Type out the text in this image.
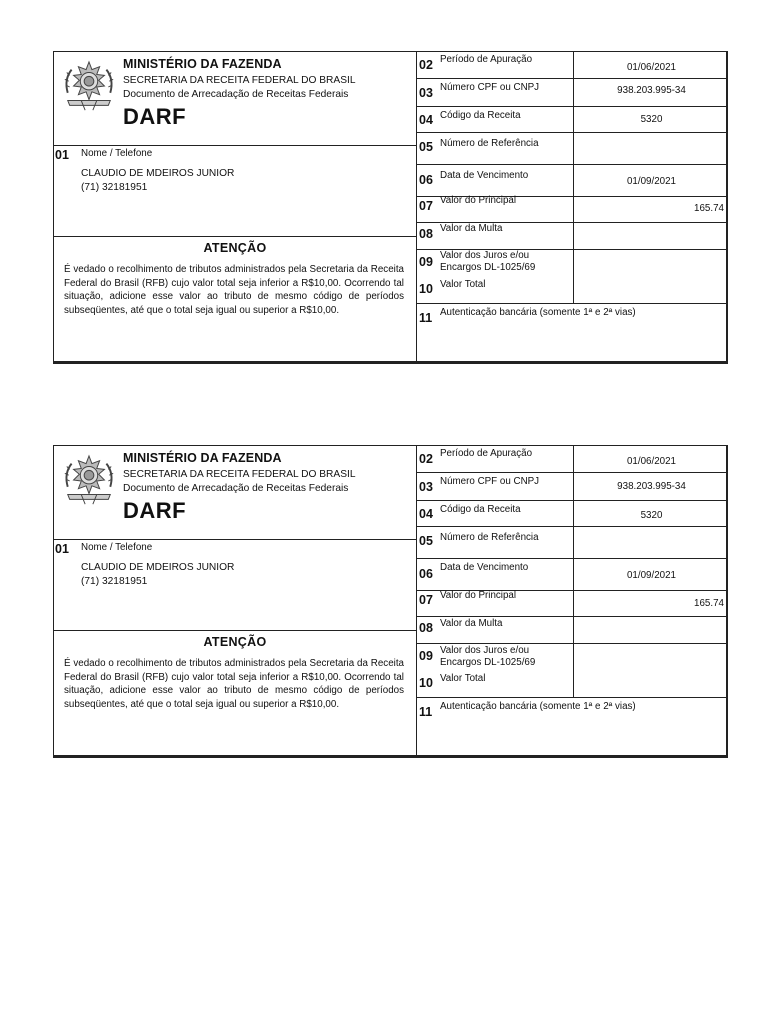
MINISTÉRIO DA FAZENDA
SECRETARIA DA RECEITA FEDERAL DO BRASIL
Documento de Arrecadação de Receitas Federais
DARF
01 Nome / Telefone
CLAUDIO DE MDEIROS JUNIOR
(71) 32181951
ATENÇÃO
É vedado o recolhimento de tributos administrados pela Secretaria da Receita Federal do Brasil (RFB) cujo valor total seja inferior a R$10,00. Ocorrendo tal situação, adicione esse valor ao tributo de mesmo código de períodos subseqüentes, até que o total seja igual ou superior a R$10,00.
02 Período de Apuração
01/06/2021
03 Número CPF ou CNPJ	938.203.995-34
04 Código da Receita	5320
05 Número de Referência
06 Data de Vencimento
01/09/2021
07 Valor do Principal
165.74
08 Valor da Multa
09 Valor dos Juros e/ou
Encargos DL-1025/69
10 Valor Total
11 Autenticação bancária (somente 1ª e 2ª vias)
MINISTÉRIO DA FAZENDA
SECRETARIA DA RECEITA FEDERAL DO BRASIL
Documento de Arrecadação de Receitas Federais
DARF
01 Nome / Telefone
CLAUDIO DE MDEIROS JUNIOR
(71) 32181951
ATENÇÃO
É vedado o recolhimento de tributos administrados pela Secretaria da Receita Federal do Brasil (RFB) cujo valor total seja inferior a R$10,00. Ocorrendo tal situação, adicione esse valor ao tributo de mesmo código de períodos subseqüentes, até que o total seja igual ou superior a R$10,00.
02 Período de Apuração
01/06/2021
03 Número CPF ou CNPJ	938.203.995-34
04 Código da Receita
5320
05 Número de Referência
06 Data de Vencimento
01/09/2021
07 Valor do Principal
165.74
08 Valor da Multa
09 Valor dos Juros e/ou
Encargos DL-1025/69
10 Valor Total
11 Autenticação bancária (somente 1ª e 2ª vias)
